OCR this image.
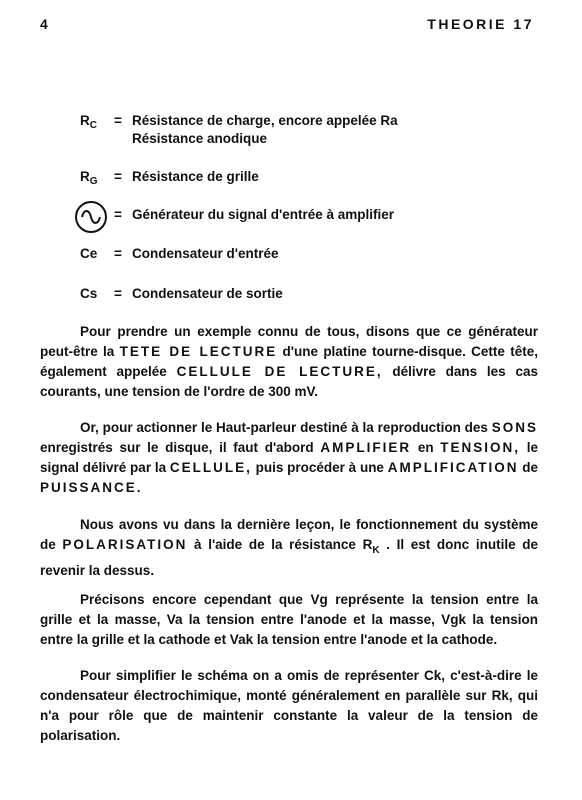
4	THEORIE 17
$R_C$	= Résistance de charge, encore appelée Ra
Résistance anodique
$R_G$	= Résistance de grille
= Générateur du signal d'entrée à amplifier
Ce	= Condensateur d'entrée
Cs	= Condensateur de sortie

Pour prendre un exemple connu de tous, disons que ce générateur peut-être la TETE DE LECTURE d'une platine tourne-disque. Cette tête, également appelée CELLULE DE LECTURE, délivre dans les cas courants, une tension de l'ordre de 300 mV.

Or, pour actionner le Haut-parleur destiné à la reproduction des SONS enregistrés sur le disque, il faut d'abord AMPLIFIER en TENSION, le signal délivré par la CELLULE, puis procéder à une AMPLIFICATION de PUISSANCE.

Nous avons vu dans la dernière leçon, le fonctionnement du système de POLARISATION à l'aide de la résistance $R_K$ . Il est donc inutile de revenir la dessus.

Précisons encore cependant que Vg représente la tension entre la grille et la masse, Va la tension entre l'anode et la masse, Vgk la tension entre la grille et la cathode et Vak la tension entre l'anode et la cathode.

Pour simplifier le schéma on a omis de représenter Ck, c'est-à-dire le condensateur électrochimique, monté généralement en parallèle sur Rk, qui n'a pour rôle que de maintenir constante la valeur de la tension de polarisation.
